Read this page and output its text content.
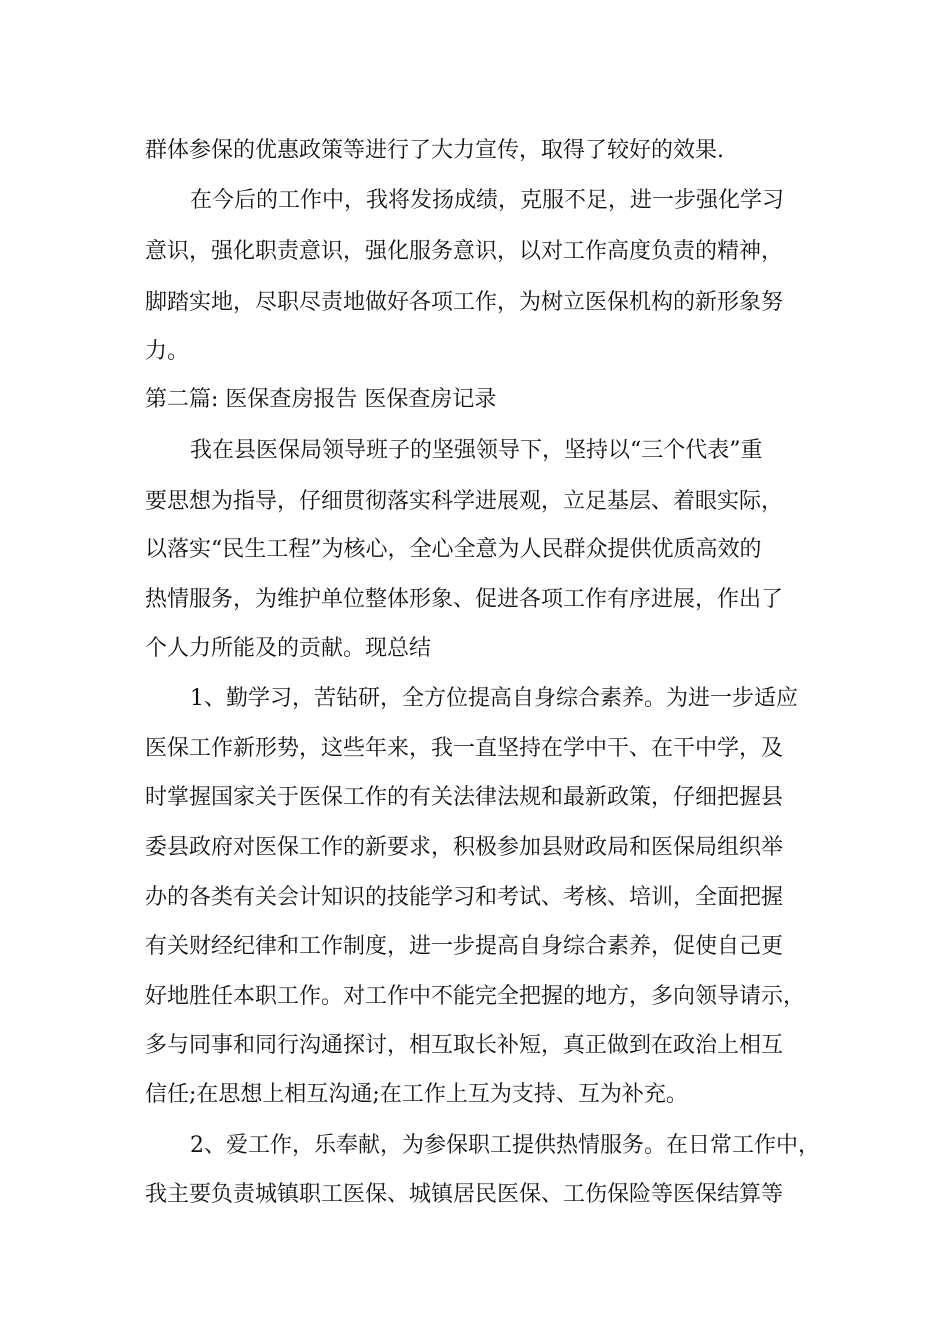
群体参保的优惠政策等进行了大力宣传，取得了较好的效果.
在今后的工作中，我将发扬成绩，克服不足，进一步强化学习
意识，强化职责意识，强化服务意识，以对工作高度负责的精神，
脚踏实地，尽职尽责地做好各项工作，为树立医保机构的新形象努
力。
第二篇: 医保查房报告 医保查房记录
我在县医保局领导班子的坚强领导下，坚持以“三个代表”重
要思想为指导，仔细贯彻落实科学进展观，立足基层、着眼实际，
以落实“民生工程”为核心，全心全意为人民群众提供优质高效的
热情服务，为维护单位整体形象、促进各项工作有序进展，作出了
个人力所能及的贡献。现总结
1、勤学习，苦钻研，全方位提高自身综合素养。为进一步适应
医保工作新形势，这些年来，我一直坚持在学中干、在干中学，及
时掌握国家关于医保工作的有关法律法规和最新政策，仔细把握县
委县政府对医保工作的新要求，积极参加县财政局和医保局组织举
办的各类有关会计知识的技能学习和考试、考核、培训，全面把握
有关财经纪律和工作制度，进一步提高自身综合素养，促使自己更
好地胜任本职工作。对工作中不能完全把握的地方，多向领导请示，
多与同事和同行沟通探讨，相互取长补短，真正做到在政治上相互
信任;在思想上相互沟通;在工作上互为支持、互为补充。
2、爱工作，乐奉献，为参保职工提供热情服务。在日常工作中，
我主要负责城镇职工医保、城镇居民医保、工伤保险等医保结算等
